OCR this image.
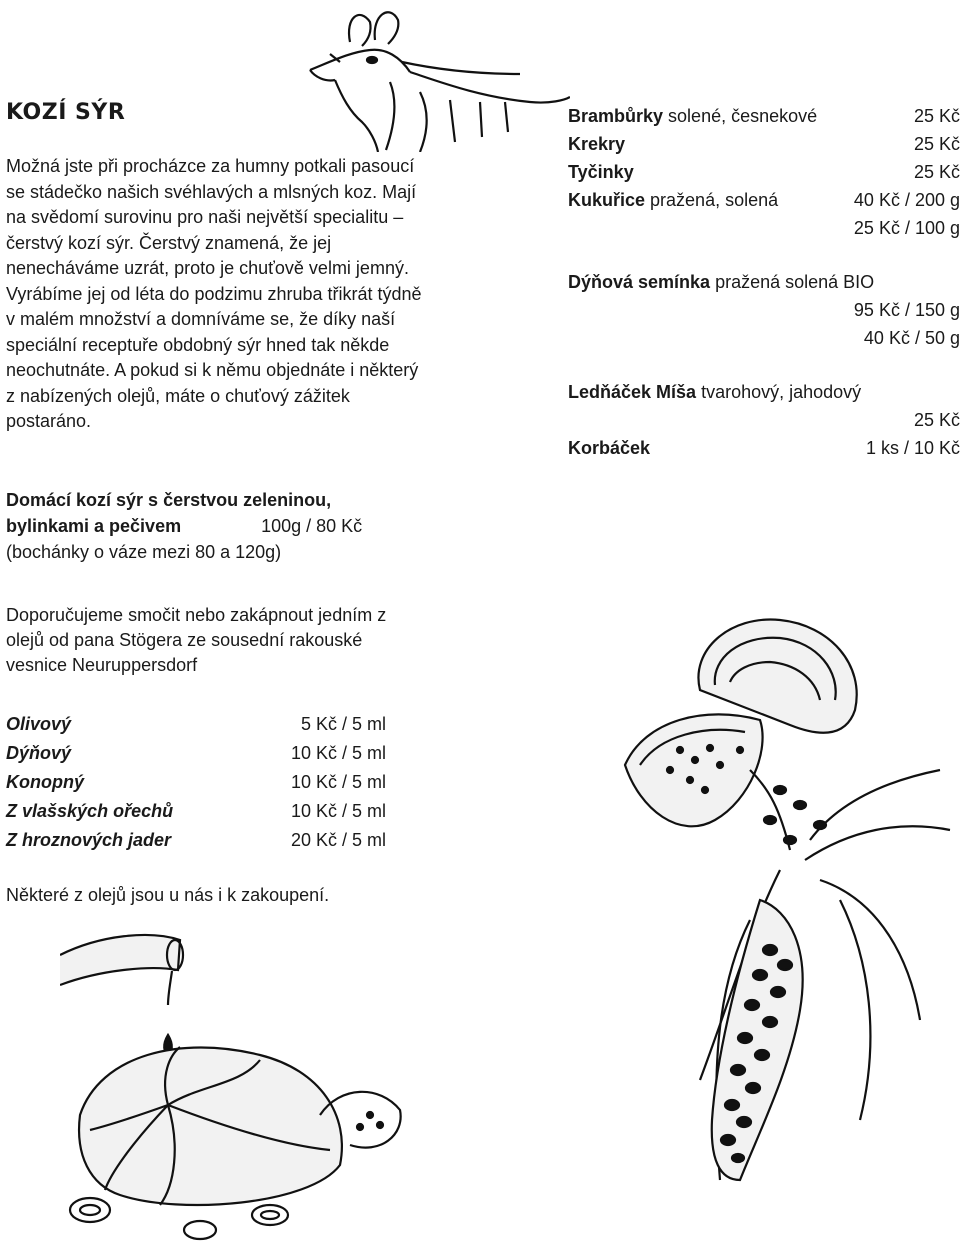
KOZÍ SÝR
Možná jste při procházce za humny potkali pasoucí se stádečko našich svéhlavých a mlsných koz. Mají na svědomí surovinu pro naši největší specialitu – čerstvý kozí sýr. Čerstvý znamená, že jej nenecháváme uzrát, proto je chuťově velmi jemný. Vyrábíme jej od léta do podzimu zhruba třikrát týdně v malém množství a domníváme se, že díky naší speciální receptuře obdobný sýr hned tak někde neochutnáte. A pokud si k němu objednáte i některý z nabízených olejů, máte o chuťový zážitek postaráno.
Domácí kozí sýr s čerstvou zeleninou,
bylinkami a pečivem	100g / 80 Kč
(bochánky o váze mezi 80 a 120g)
Doporučujeme smočit nebo zakápnout jedním z olejů od pana Stögera ze sousední rakouské vesnice Neuruppersdorf
Olivový	5 Kč / 5 ml
Dýňový	10 Kč / 5 ml
Konopný	10 Kč / 5 ml
Z vlašských ořechů	10 Kč / 5 ml
Z hroznových jader	20 Kč / 5 ml
Některé z olejů jsou u nás i k zakoupení.
Brambůrky solené, česnekové	25 Kč
Krekry	25 Kč
Tyčinky	25 Kč
Kukuřice pražená, solená	40 Kč / 200 g
25 Kč / 100 g
Dýňová semínka pražená solená BIO
95 Kč / 150 g
40 Kč / 50 g
Ledňáček Míša tvarohový, jahodový
25 Kč
Korbáček	1 ks / 10 Kč
